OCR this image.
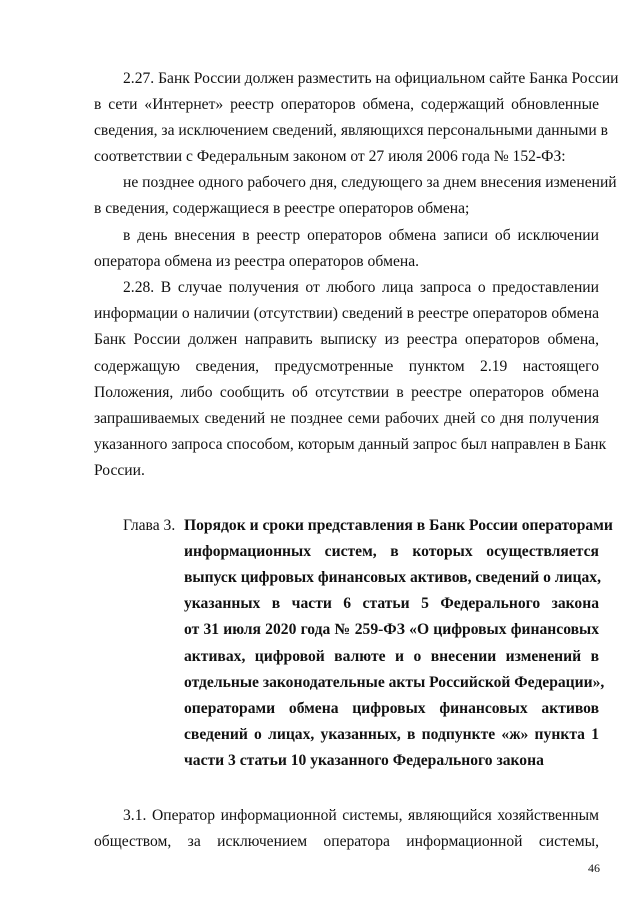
2.27. Банк России должен разместить на официальном сайте Банка России
в сети «Интернет» реестр операторов обмена, содержащий обновленные
сведения, за исключением сведений, являющихся персональными данными в
соответствии с Федеральным законом от 27 июля 2006 года № 152-ФЗ:
не позднее одного рабочего дня, следующего за днем внесения изменений
в сведения, содержащиеся в реестре операторов обмена;
в день внесения в реестр операторов обмена записи об исключении
оператора обмена из реестра операторов обмена.
2.28. В случае получения от любого лица запроса о предоставлении
информации о наличии (отсутствии) сведений в реестре операторов обмена
Банк России должен направить выписку из реестра операторов обмена,
содержащую сведения, предусмотренные пунктом 2.19 настоящего
Положения, либо сообщить об отсутствии в реестре операторов обмена
запрашиваемых сведений не позднее семи рабочих дней со дня получения
указанного запроса способом, которым данный запрос был направлен в Банк
России.
Глава 3. Порядок и сроки представления в Банк России операторами
информационных систем, в которых осуществляется
выпуск цифровых финансовых активов, сведений о лицах,
указанных в части 6 статьи 5 Федерального закона
от 31 июля 2020 года № 259-ФЗ «О цифровых финансовых
активах, цифровой валюте и о внесении изменений в
отдельные законодательные акты Российской Федерации»,
операторами обмена цифровых финансовых активов
сведений о лицах, указанных, в подпункте «ж» пункта 1
части 3 статьи 10 указанного Федерального закона
3.1. Оператор информационной системы, являющийся хозяйственным
обществом, за исключением оператора информационной системы,
46
